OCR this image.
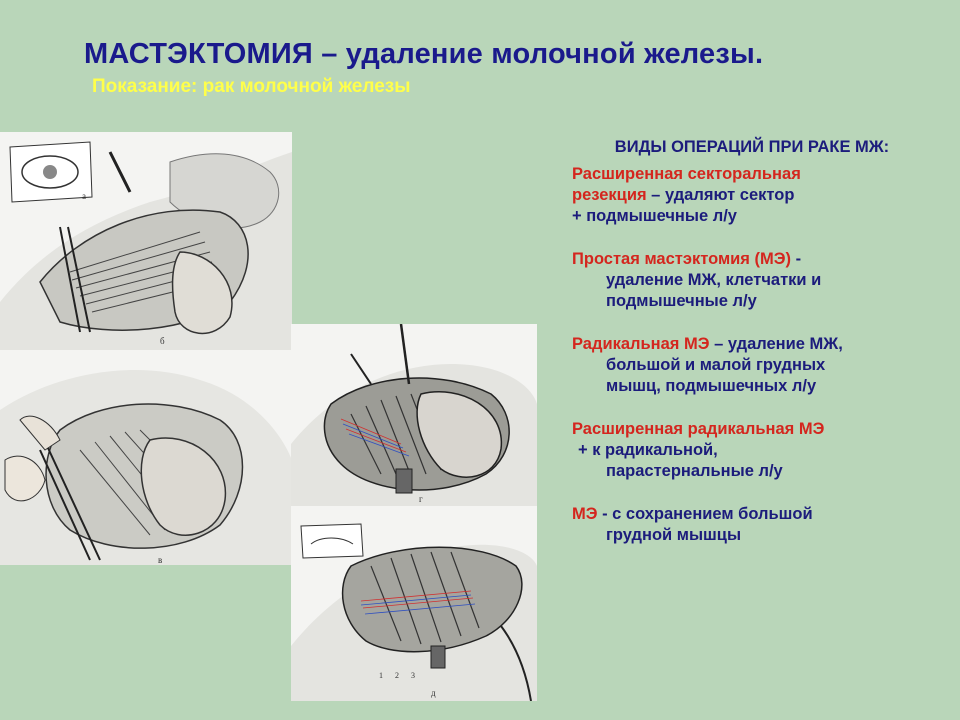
МАСТЭКТОМИЯ – удаление молочной железы.
Показание: рак молочной железы
а
б
в
г
1 2 3
д

ВИДЫ ОПЕРАЦИЙ ПРИ РАКЕ МЖ:

Расширенная секторальная

резекция – удаляют сектор

+ подмышечные л/у

Простая мастэктомия (МЭ) -

удаление МЖ, клетчатки и

подмышечные л/у

Радикальная МЭ – удаление МЖ,

большой и малой грудных

мышц, подмышечных л/у

Расширенная радикальная МЭ

+ к радикальной,

парастернальные л/у

МЭ - с сохранением большой

грудной мышцы
